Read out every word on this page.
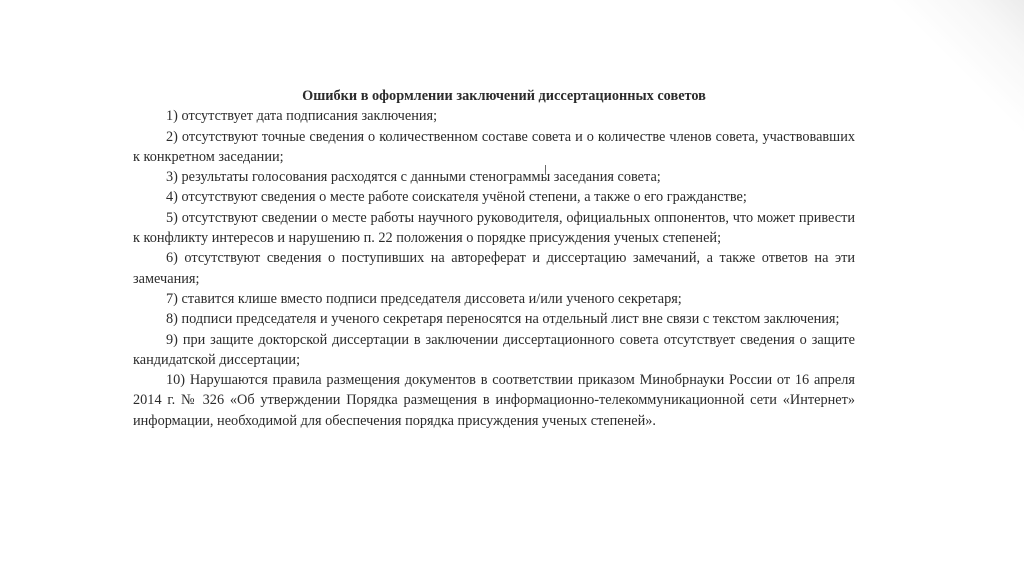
Ошибки в оформлении заключений диссертационных советов

1) отсутствует дата подписания заключения;

2) отсутствуют точные сведения о количественном составе совета и о количестве членов совета, участвовавших к конкретном заседании;

3) результаты голосования расходятся с данными стенограммы заседания совета;

4) отсутствуют сведения о месте работе соискателя учёной степени, а также о его гражданстве;

5) отсутствуют сведении о месте работы научного руководителя, официальных оппонентов, что может привести к конфликту интересов и нарушению п. 22 положения о порядке присуждения ученых степеней;

6) отсутствуют сведения о поступивших на автореферат и диссертацию замечаний, а также ответов на эти замечания;

7) ставится клише вместо подписи председателя диссовета и/или ученого секретаря;

8) подписи председателя и ученого секретаря переносятся на отдельный лист вне связи с текстом заключения;

9) при защите докторской диссертации в заключении диссертационного совета отсутствует сведения о защите кандидатской диссертации;

10) Нарушаются правила размещения документов в соответствии приказом Минобрнауки России от 16 апреля 2014 г. № 326 «Об утверждении Порядка размещения в информационно-телекоммуникационной сети «Интернет» информации, необходимой для обеспечения порядка присуждения ученых степеней».
